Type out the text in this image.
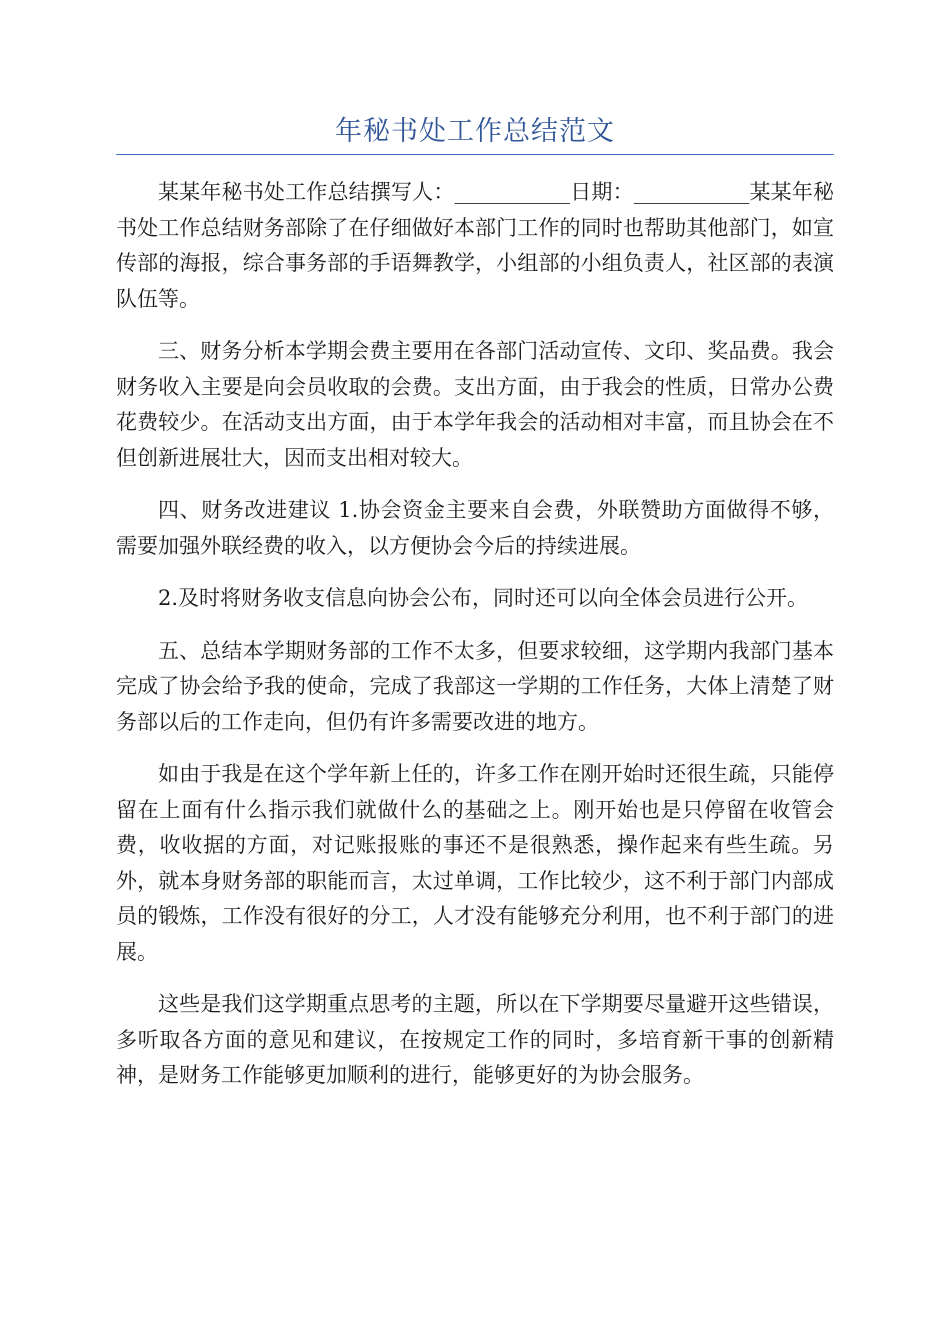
年秘书处工作总结范文

某某年秘书处工作总结撰写人：___________日期：___________某某年秘书处工作总结财务部除了在仔细做好本部门工作的同时也帮助其他部门，如宣传部的海报，综合事务部的手语舞教学，小组部的小组负责人，社区部的表演队伍等。

三、财务分析本学期会费主要用在各部门活动宣传、文印、奖品费。我会财务收入主要是向会员收取的会费。支出方面，由于我会的性质，日常办公费花费较少。在活动支出方面，由于本学年我会的活动相对丰富，而且协会在不但创新进展壮大，因而支出相对较大。

四、财务改进建议 1.协会资金主要来自会费，外联赞助方面做得不够，需要加强外联经费的收入，以方便协会今后的持续进展。

2.及时将财务收支信息向协会公布，同时还可以向全体会员进行公开。

五、总结本学期财务部的工作不太多，但要求较细，这学期内我部门基本完成了协会给予我的使命，完成了我部这一学期的工作任务，大体上清楚了财务部以后的工作走向，但仍有许多需要改进的地方。

如由于我是在这个学年新上任的，许多工作在刚开始时还很生疏，只能停留在上面有什么指示我们就做什么的基础之上。刚开始也是只停留在收管会费，收收据的方面，对记账报账的事还不是很熟悉，操作起来有些生疏。另外，就本身财务部的职能而言，太过单调，工作比较少，这不利于部门内部成员的锻炼，工作没有很好的分工，人才没有能够充分利用，也不利于部门的进展。

这些是我们这学期重点思考的主题，所以在下学期要尽量避开这些错误，多听取各方面的意见和建议，在按规定工作的同时，多培育新干事的创新精神，是财务工作能够更加顺利的进行，能够更好的为协会服务。
